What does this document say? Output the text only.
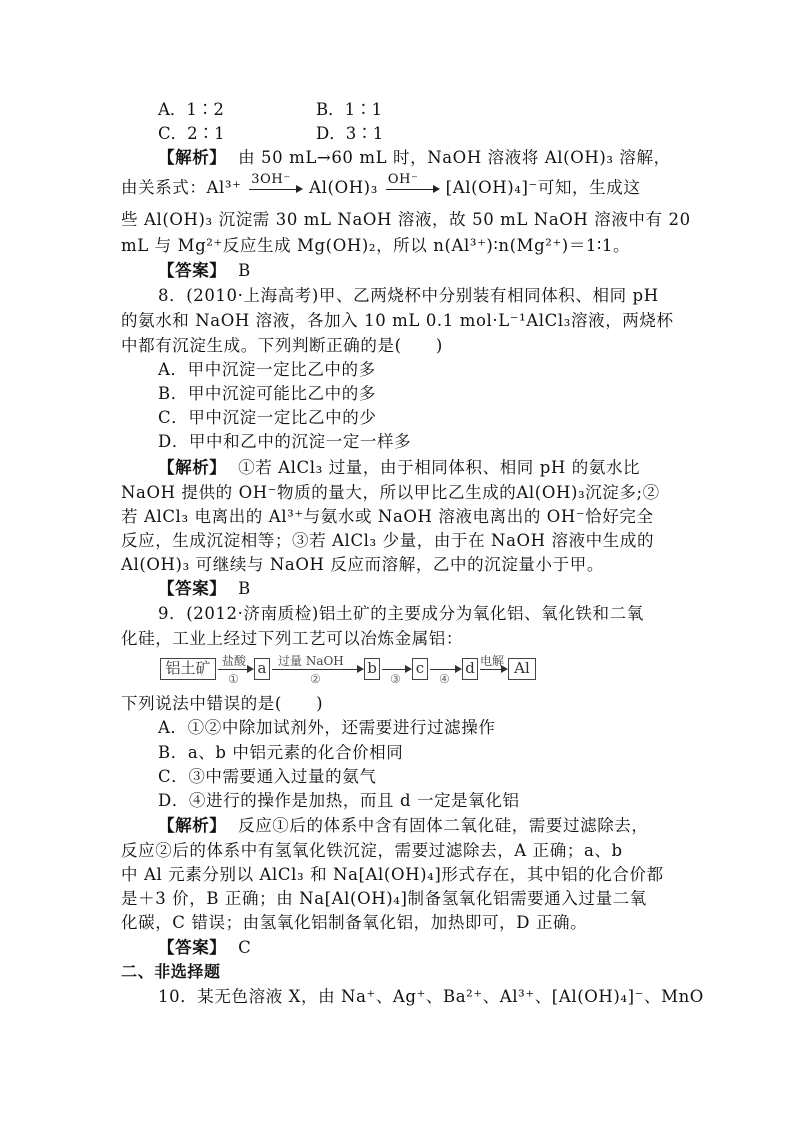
A．1∶2	B．1∶1
C．2∶1	D．3∶1
【解析】 由 50 mL→60 mL 时，NaOH 溶液将 Al(OH)₃ 溶解，
由关系式：Al³⁺ 3OH⁻ Al(OH)₃ OH⁻ [Al(OH)₄]⁻可知，生成这
些 Al(OH)₃ 沉淀需 30 mL NaOH 溶液，故 50 mL NaOH 溶液中有 20
mL 与 Mg²⁺反应生成 Mg(OH)₂，所以 n(Al³⁺)∶n(Mg²⁺)＝1∶1。
【答案】 B
8．(2010·上海高考)甲、乙两烧杯中分别装有相同体积、相同 pH
的氨水和 NaOH 溶液，各加入 10 mL 0.1 mol·L⁻¹AlCl₃溶液，两烧杯
中都有沉淀生成。下列判断正确的是(　　)
A．甲中沉淀一定比乙中的多
B．甲中沉淀可能比乙中的多
C．甲中沉淀一定比乙中的少
D．甲中和乙中的沉淀一定一样多
【解析】 ①若 AlCl₃ 过量，由于相同体积、相同 pH 的氨水比
NaOH 提供的 OH⁻物质的量大，所以甲比乙生成的Al(OH)₃沉淀多;②
若 AlCl₃ 电离出的 Al³⁺与氨水或 NaOH 溶液电离出的 OH⁻恰好完全
反应，生成沉淀相等；③若 AlCl₃ 少量，由于在 NaOH 溶液中生成的
Al(OH)₃ 可继续与 NaOH 反应而溶解，乙中的沉淀量小于甲。
【答案】 B
9．(2012·济南质检)铝土矿的主要成分为氧化铝、氧化铁和二氧
化硅，工业上经过下列工艺可以冶炼金属铝：
铝土矿 盐酸
①
a 过量 NaOH
②
b
③
c
④
d 电解 Al
下列说法中错误的是(　　)
A．①②中除加试剂外，还需要进行过滤操作
B．a、b 中铝元素的化合价相同
C．③中需要通入过量的氨气
D．④进行的操作是加热，而且 d 一定是氧化铝
【解析】 反应①后的体系中含有固体二氧化硅，需要过滤除去，
反应②后的体系中有氢氧化铁沉淀，需要过滤除去，A 正确；a、b
中 Al 元素分别以 AlCl₃ 和 Na[Al(OH)₄]形式存在，其中铝的化合价都
是＋3 价，B 正确；由 Na[Al(OH)₄]制备氢氧化铝需要通入过量二氧
化碳，C 错误；由氢氧化铝制备氧化铝，加热即可，D 正确。
【答案】 C
二、非选择题
10．某无色溶液 X，由 Na⁺、Ag⁺、Ba²⁺、Al³⁺、[Al(OH)₄]⁻、MnO
